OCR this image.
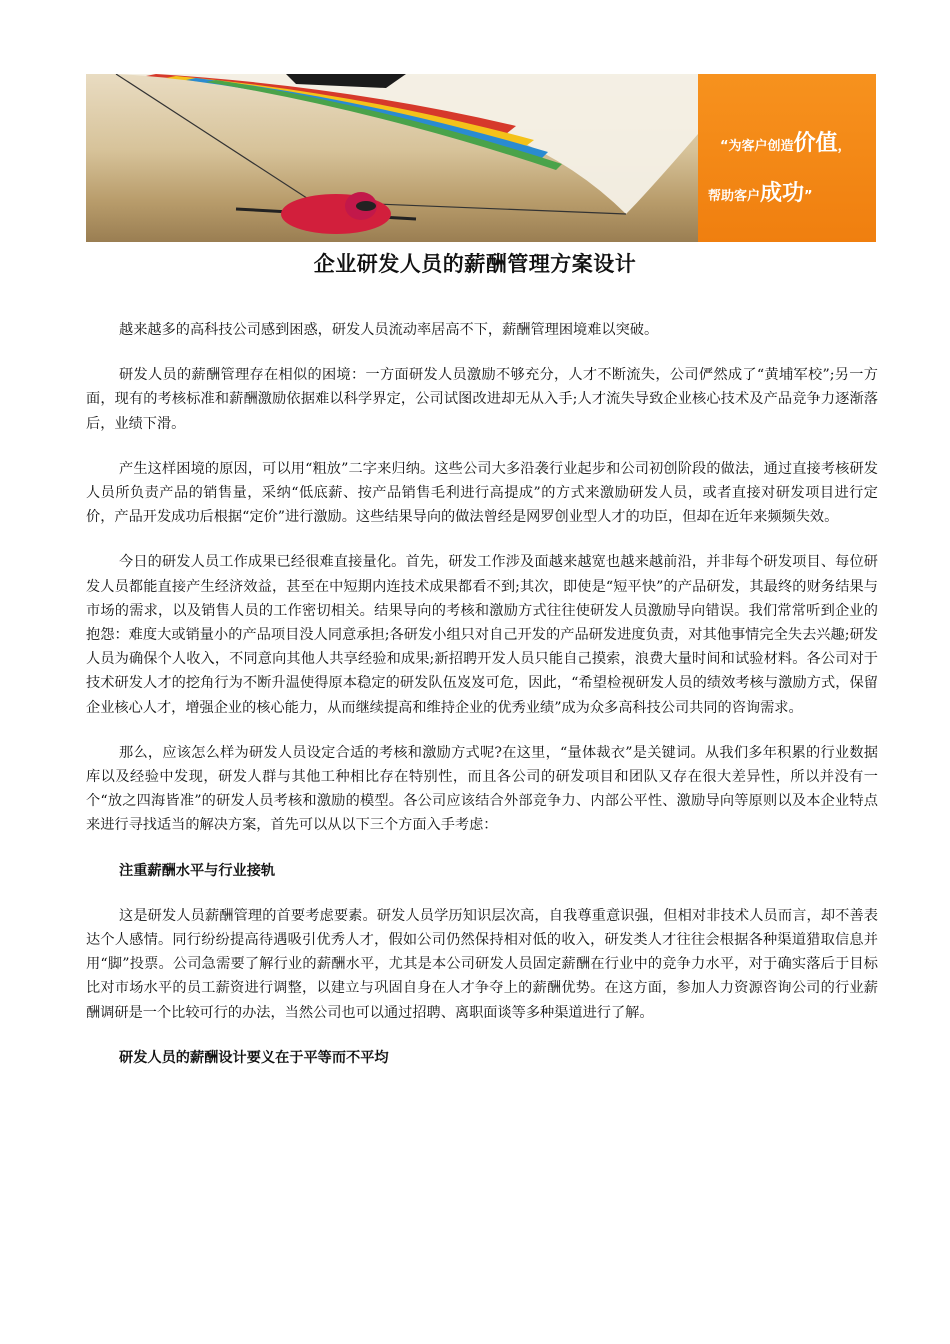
“为客户创造价值，
帮助客户成功”
企业研发人员的薪酬管理方案设计

越来越多的高科技公司感到困惑，研发人员流动率居高不下，薪酬管理困境难以突破。

研发人员的薪酬管理存在相似的困境：一方面研发人员激励不够充分，人才不断流失，公司俨然成了“黄埔军校”;另一方面，现有的考核标准和薪酬激励依据难以科学界定，公司试图改进却无从入手;人才流失导致企业核心技术及产品竞争力逐渐落后，业绩下滑。

产生这样困境的原因，可以用“粗放”二字来归纳。这些公司大多沿袭行业起步和公司初创阶段的做法，通过直接考核研发人员所负责产品的销售量，采纳“低底薪、按产品销售毛利进行高提成”的方式来激励研发人员，或者直接对研发项目进行定价，产品开发成功后根据“定价”进行激励。这些结果导向的做法曾经是网罗创业型人才的功臣，但却在近年来频频失效。

今日的研发人员工作成果已经很难直接量化。首先，研发工作涉及面越来越宽也越来越前沿，并非每个研发项目、每位研发人员都能直接产生经济效益，甚至在中短期内连技术成果都看不到;其次，即使是“短平快”的产品研发，其最终的财务结果与市场的需求，以及销售人员的工作密切相关。结果导向的考核和激励方式往往使研发人员激励导向错误。我们常常听到企业的抱怨：难度大或销量小的产品项目没人同意承担;各研发小组只对自己开发的产品研发进度负责，对其他事情完全失去兴趣;研发人员为确保个人收入，不同意向其他人共享经验和成果;新招聘开发人员只能自己摸索，浪费大量时间和试验材料。各公司对于技术研发人才的挖角行为不断升温使得原本稳定的研发队伍岌岌可危，因此，“希望检视研发人员的绩效考核与激励方式，保留企业核心人才，增强企业的核心能力，从而继续提高和维持企业的优秀业绩”成为众多高科技公司共同的咨询需求。

那么，应该怎么样为研发人员设定合适的考核和激励方式呢?在这里，“量体裁衣”是关键词。从我们多年积累的行业数据库以及经验中发现，研发人群与其他工种相比存在特别性，而且各公司的研发项目和团队又存在很大差异性，所以并没有一个“放之四海皆准”的研发人员考核和激励的模型。各公司应该结合外部竞争力、内部公平性、激励导向等原则以及本企业特点来进行寻找适当的解决方案，首先可以从以下三个方面入手考虑：

注重薪酬水平与行业接轨

这是研发人员薪酬管理的首要考虑要素。研发人员学历知识层次高，自我尊重意识强，但相对非技术人员而言，却不善表达个人感情。同行纷纷提高待遇吸引优秀人才，假如公司仍然保持相对低的收入，研发类人才往往会根据各种渠道猎取信息并用“脚”投票。公司急需要了解行业的薪酬水平，尤其是本公司研发人员固定薪酬在行业中的竞争力水平，对于确实落后于目标比对市场水平的员工薪资进行调整，以建立与巩固自身在人才争夺上的薪酬优势。在这方面，参加人力资源咨询公司的行业薪酬调研是一个比较可行的办法，当然公司也可以通过招聘、离职面谈等多种渠道进行了解。

研发人员的薪酬设计要义在于平等而不平均
